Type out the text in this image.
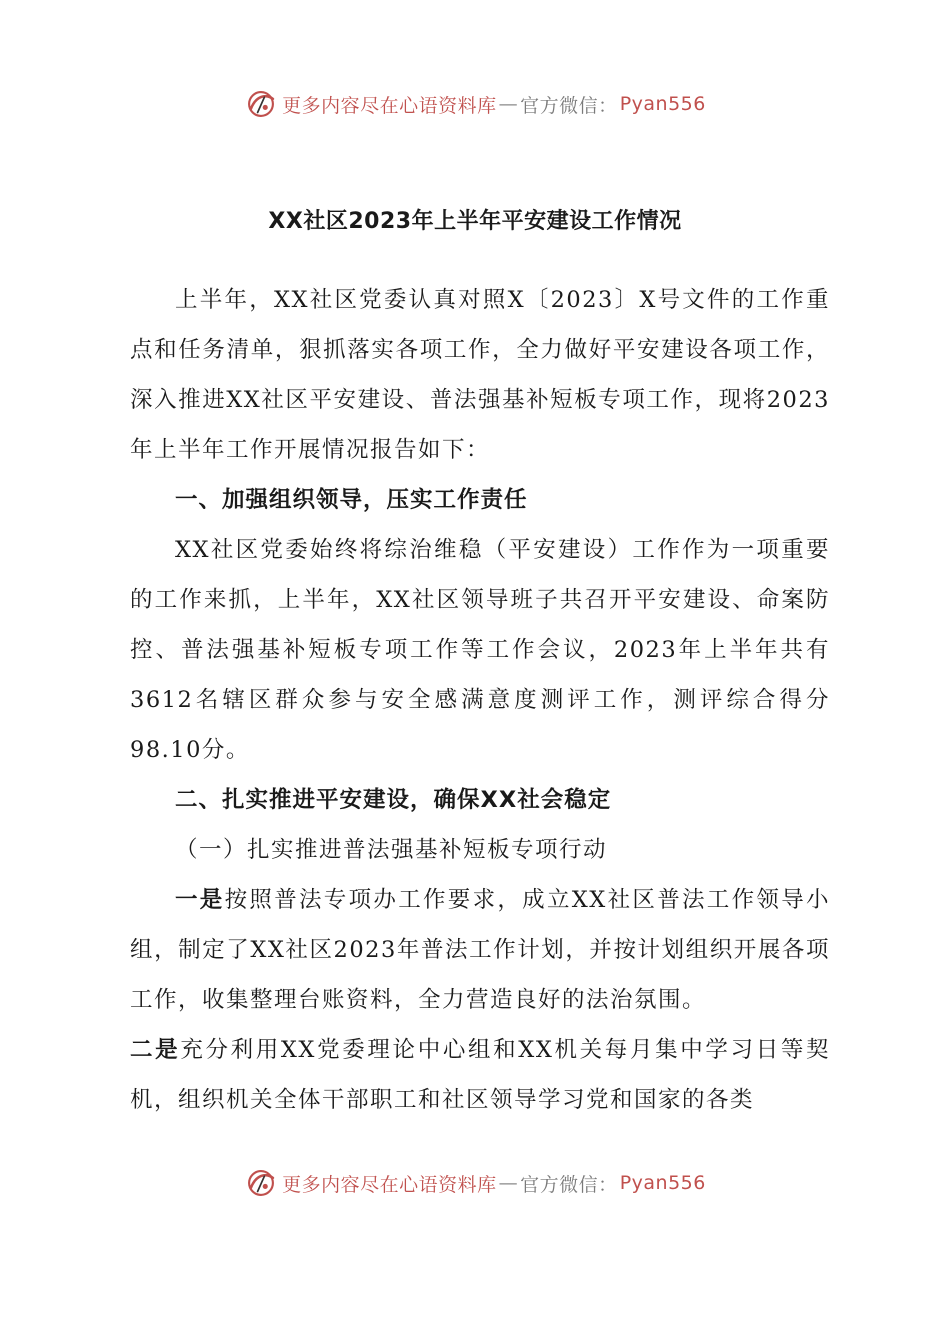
更多内容尽在心语资料库 — 官方微信： Pyan556
XX社区2023年上半年平安建设工作情况

上半年，XX社区党委认真对照X〔2023〕X号文件的工作重点和任务清单，狠抓落实各项工作，全力做好平安建设各项工作，深入推进XX社区平安建设、普法强基补短板专项工作，现将2023年上半年工作开展情况报告如下：

一、加强组织领导，压实工作责任

XX社区党委始终将综治维稳（平安建设）工作作为一项重要的工作来抓，上半年，XX社区领导班子共召开平安建设、命案防控、普法强基补短板专项工作等工作会议，2023年上半年共有3612名辖区群众参与安全感满意度测评工作，测评综合得分98.10分。

二、扎实推进平安建设，确保XX社会稳定

（一）扎实推进普法强基补短板专项行动

一是按照普法专项办工作要求，成立XX社区普法工作领导小组，制定了XX社区2023年普法工作计划，并按计划组织开展各项工作，收集整理台账资料，全力营造良好的法治氛围。

二是充分利用XX党委理论中心组和XX机关每月集中学习日等契机，组织机关全体干部职工和社区领导学习党和国家的各类

更多内容尽在心语资料库 — 官方微信： Pyan556
